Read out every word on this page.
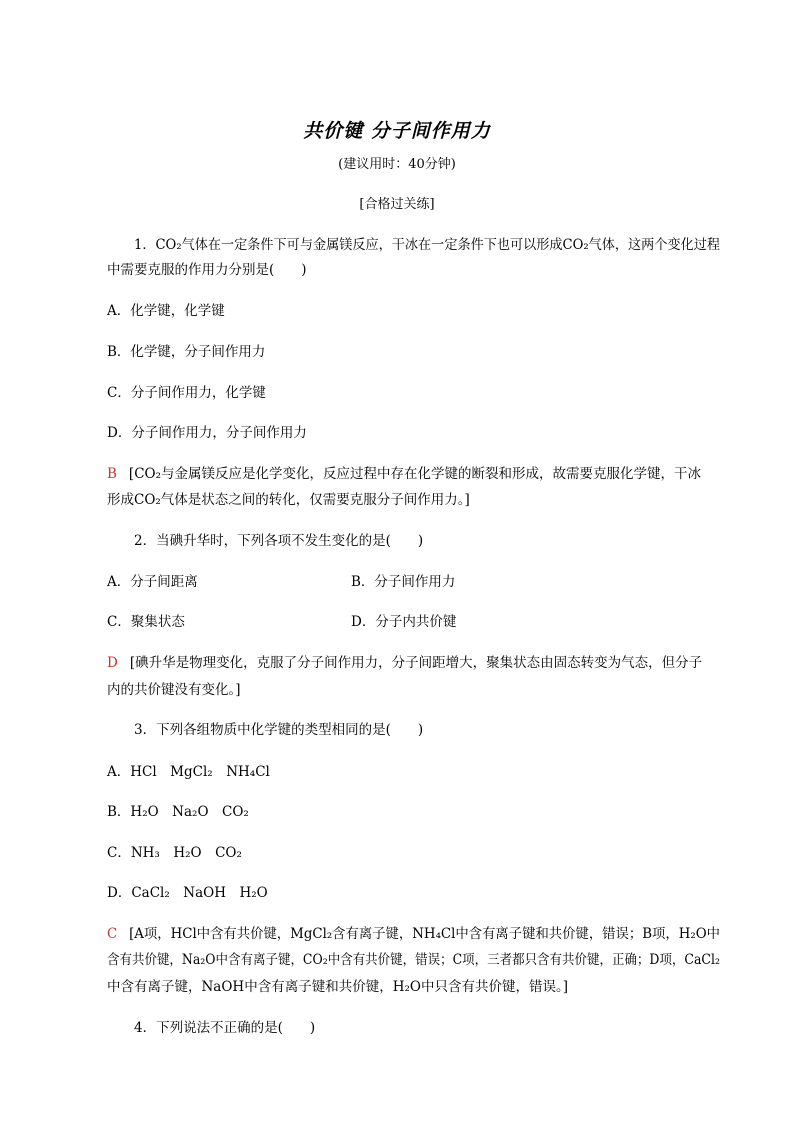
共价键 分子间作用力
(建议用时：40分钟)
[合格过关练]
1．CO₂气体在一定条件下可与金属镁反应，干冰在一定条件下也可以形成CO₂气体，这两个变化过程
中需要克服的作用力分别是(　　)
A．化学键，化学键
B．化学键，分子间作用力
C．分子间作用力，化学键
D．分子间作用力，分子间作用力
B [CO₂与金属镁反应是化学变化，反应过程中存在化学键的断裂和形成，故需要克服化学键，干冰
形成CO₂气体是状态之间的转化，仅需要克服分子间作用力。]
2．当碘升华时，下列各项不发生变化的是(　　)
A．分子间距离	B．分子间作用力
C．聚集状态	D．分子内共价键
D [碘升华是物理变化，克服了分子间作用力，分子间距增大，聚集状态由固态转变为气态，但分子
内的共价键没有变化。]
3．下列各组物质中化学键的类型相同的是(　　)
A．HCl　MgCl₂　NH₄Cl
B．H₂O　Na₂O　CO₂
C．NH₃　H₂O　CO₂
D．CaCl₂　NaOH　H₂O
C [A项，HCl中含有共价键，MgCl₂含有离子键，NH₄Cl中含有离子键和共价键，错误；B项，H₂O中
含有共价键，Na₂O中含有离子键，CO₂中含有共价键，错误；C项，三者都只含有共价键，正确；D项，CaCl₂
中含有离子键，NaOH中含有离子键和共价键，H₂O中只含有共价键，错误。]
4．下列说法不正确的是(　　)
